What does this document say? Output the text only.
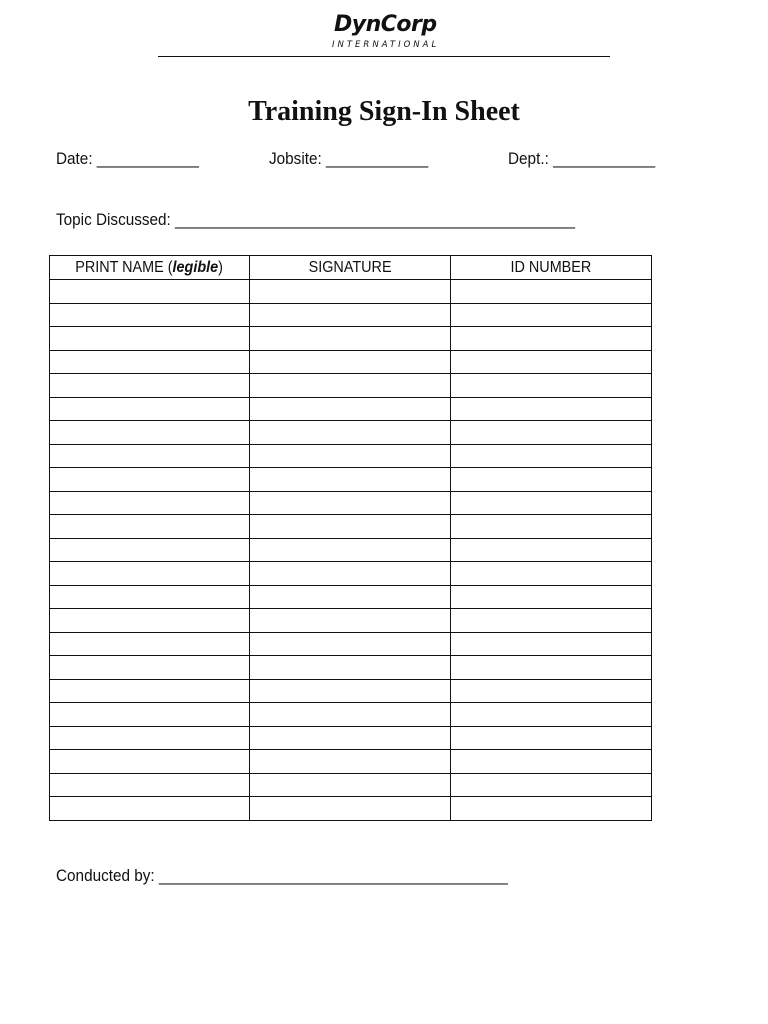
DynCorp
INTERNATIONAL
Training Sign-In Sheet
Date: ____________	Jobsite: ____________	Dept.: ____________
Topic Discussed: _______________________________________________
PRINT NAME (legible)	SIGNATURE	ID NUMBER

Conducted by: _________________________________________
